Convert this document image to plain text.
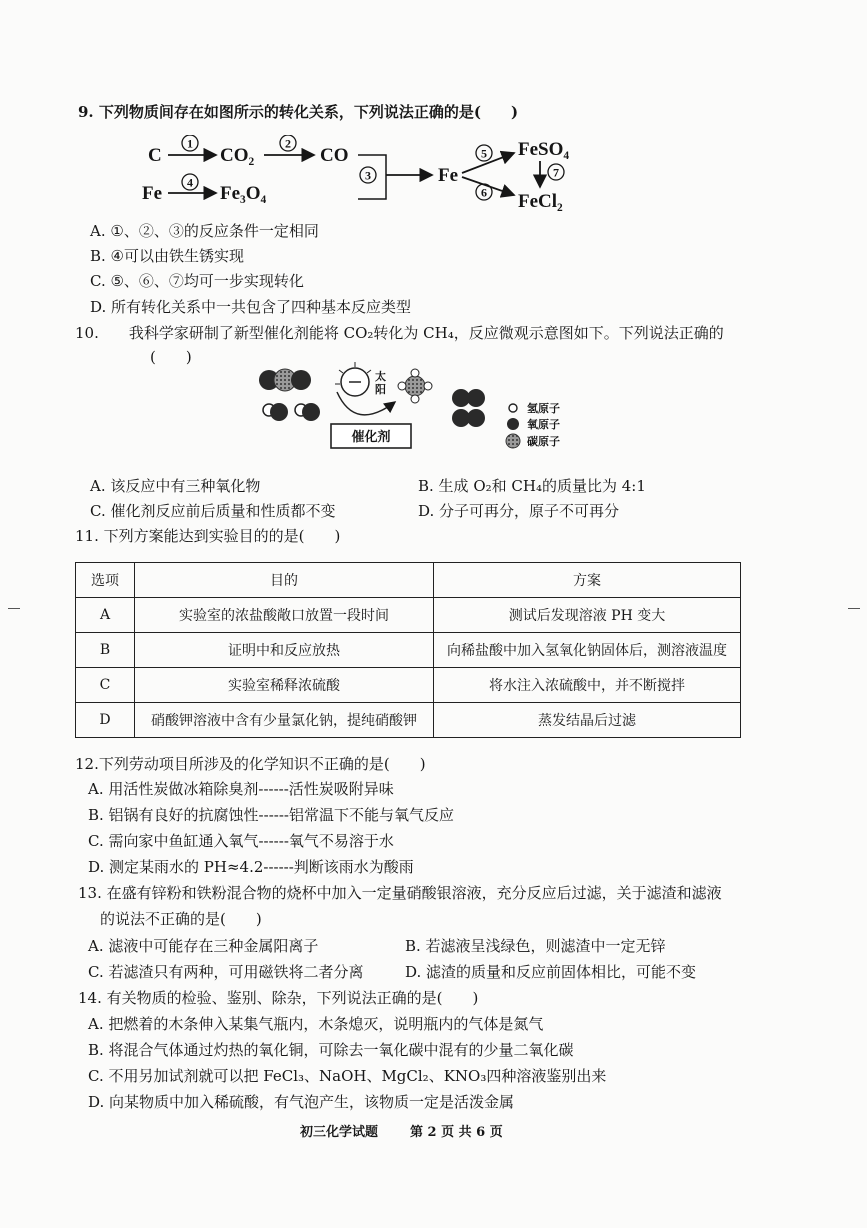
9. 下列物质间存在如图所示的转化关系，下列说法正确的是(　　)
C
1
CO₂
2
CO
3
Fe
4
Fe₃O₄
Fe
5
6
FeSO₄
FeCl₂
7
A. ①、②、③的反应条件一定相同
B. ④可以由铁生锈实现
C. ⑤、⑥、⑦均可一步实现转化
D. 所有转化关系中一共包含了四种基本反应类型
10.　　我科学家研制了新型催化剂能将 CO₂转化为 CH₄，反应微观示意图如下。下列说法正确的
(　　)
太
阳
催化剂
氢原子
氧原子
碳原子
A. 该反应中有三种氧化物	B. 生成 O₂和 CH₄的质量比为 4:1
C. 催化剂反应前后质量和性质都不变	D. 分子可再分，原子不可再分
11. 下列方案能达到实验目的的是(　　)
选项	目的	方案
A	实验室的浓盐酸敞口放置一段时间	测试后发现溶液 PH 变大
B	证明中和反应放热	向稀盐酸中加入氢氧化钠固体后，测溶液温度
C	实验室稀释浓硫酸	将水注入浓硫酸中，并不断搅拌
D	硝酸钾溶液中含有少量氯化钠，提纯硝酸钾	蒸发结晶后过滤
12.下列劳动项目所涉及的化学知识不正确的是(　　)
A. 用活性炭做冰箱除臭剂------活性炭吸附异味
B. 铝锅有良好的抗腐蚀性------铝常温下不能与氧气反应
C. 需向家中鱼缸通入氧气------氧气不易溶于水
D. 测定某雨水的 PH≈4.2------判断该雨水为酸雨
13. 在盛有锌粉和铁粉混合物的烧杯中加入一定量硝酸银溶液，充分反应后过滤，关于滤渣和滤液
的说法不正确的是(　　)
A. 滤液中可能存在三种金属阳离子	B. 若滤液呈浅绿色，则滤渣中一定无锌
C. 若滤渣只有两种，可用磁铁将二者分离	D. 滤渣的质量和反应前固体相比，可能不变
14. 有关物质的检验、鉴别、除杂，下列说法正确的是(　　)
A. 把燃着的木条伸入某集气瓶内，木条熄灭，说明瓶内的气体是氮气
B. 将混合气体通过灼热的氧化铜，可除去一氧化碳中混有的少量二氧化碳
C. 不用另加试剂就可以把 FeCl₃、NaOH、MgCl₂、KNO₃四种溶液鉴别出来
D. 向某物质中加入稀硫酸，有气泡产生，该物质一定是活泼金属
初三化学试题 第 2 页 共 6 页
